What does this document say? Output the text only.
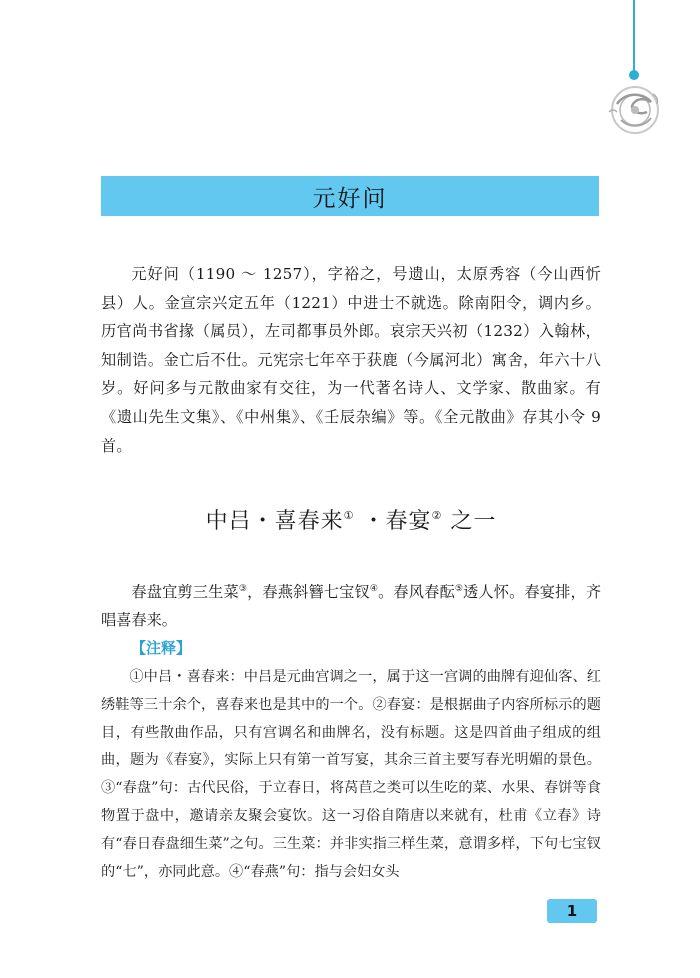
元好问

元好问（1190 ～ 1257），字裕之，号遗山，太原秀容（今山西忻县）人。金宣宗兴定五年（1221）中进士不就选。除南阳令，调内乡。历官尚书省掾（属员），左司都事员外郎。哀宗天兴初（1232）入翰林，知制诰。金亡后不仕。元宪宗七年卒于获鹿（今属河北）寓舍，年六十八岁。好问多与元散曲家有交往，为一代著名诗人、文学家、散曲家。有《遗山先生文集》、《中州集》、《壬辰杂编》等。《全元散曲》存其小令 9 首。

中吕・喜春来① ・春宴② 之一

春盘宜剪三生菜③，春燕斜簪七宝钗④。春风春酝⑤透人怀。春宴排，齐唱喜春来。

【注释】

①中吕・喜春来：中吕是元曲宫调之一，属于这一宫调的曲牌有迎仙客、红绣鞋等三十余个，喜春来也是其中的一个。②春宴：是根据曲子内容所标示的题目，有些散曲作品，只有宫调名和曲牌名，没有标题。这是四首曲子组成的组曲，题为《春宴》，实际上只有第一首写宴，其余三首主要写春光明媚的景色。③“春盘”句：古代民俗，于立春日，将莴苣之类可以生吃的菜、水果、春饼等食物置于盘中，邀请亲友聚会宴饮。这一习俗自隋唐以来就有，杜甫《立春》诗有“春日春盘细生菜”之句。三生菜：并非实指三样生菜，意谓多样，下句七宝钗的“七”，亦同此意。④“春燕”句：指与会妇女头

1
